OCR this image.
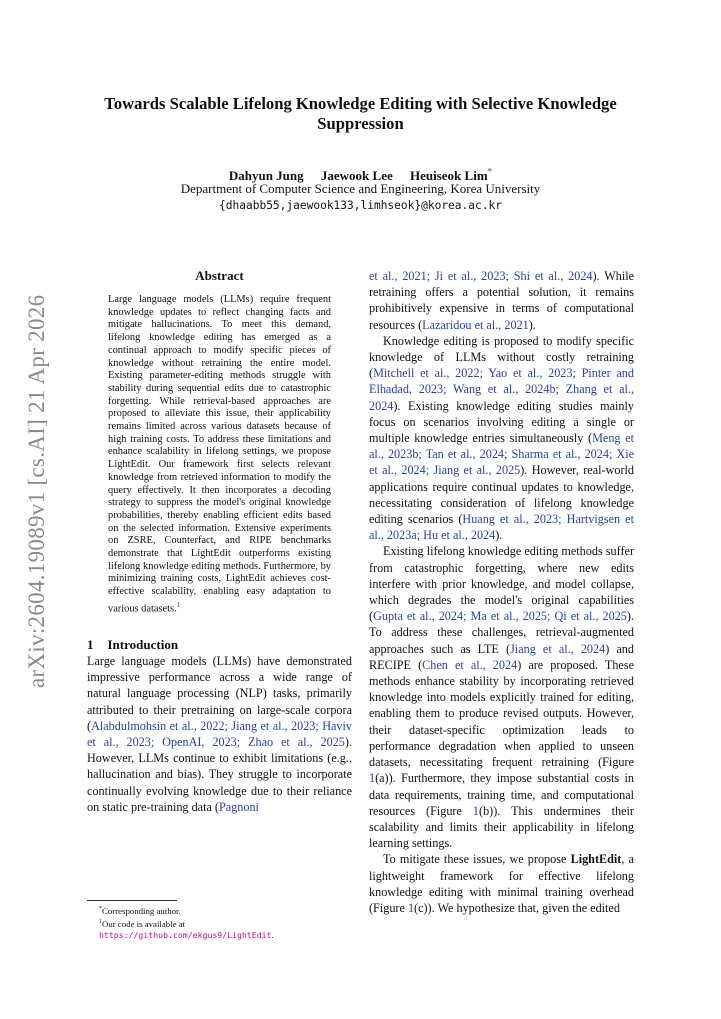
arXiv:2604.19089v1 [cs.AI] 21 Apr 2026
Towards Scalable Lifelong Knowledge Editing with Selective Knowledge Suppression
Dahyun Jung Jaewook Lee Heuiseok Lim*
Department of Computer Science and Engineering, Korea University
{dhaabb55,jaewook133,limhseok}@korea.ac.kr
Abstract

Large language models (LLMs) require frequent knowledge updates to reflect changing facts and mitigate hallucinations. To meet this demand, lifelong knowledge editing has emerged as a continual approach to modify specific pieces of knowledge without retraining the entire model. Existing parameter-editing methods struggle with stability during sequential edits due to catastrophic forgetting. While retrieval-based approaches are proposed to alleviate this issue, their applicability remains limited across various datasets because of high training costs. To address these limitations and enhance scalability in lifelong settings, we propose LightEdit. Our framework first selects relevant knowledge from retrieved information to modify the query effectively. It then incorporates a decoding strategy to suppress the model's original knowledge probabilities, thereby enabling efficient edits based on the selected information. Extensive experiments on ZSRE, Counterfact, and RIPE benchmarks demonstrate that LightEdit outperforms existing lifelong knowledge editing methods. Furthermore, by minimizing training costs, LightEdit achieves cost-effective scalability, enabling easy adaptation to various datasets.$^1$

1 Introduction

Large language models (LLMs) have demonstrated impressive performance across a wide range of natural language processing (NLP) tasks, primarily attributed to their pretraining on large-scale corpora (Alabdulmohsin et al., 2022; Jiang et al., 2023; Haviv et al., 2023; OpenAI, 2023; Zhao et al., 2025). However, LLMs continue to exhibit limitations (e.g., hallucination and bias). They struggle to incorporate continually evolving knowledge due to their reliance on static pre-training data (Pagnoni

et al., 2021; Ji et al., 2023; Shi et al., 2024). While retraining offers a potential solution, it remains prohibitively expensive in terms of computational resources (Lazaridou et al., 2021).

Knowledge editing is proposed to modify specific knowledge of LLMs without costly retraining (Mitchell et al., 2022; Yao et al., 2023; Pinter and Elhadad, 2023; Wang et al., 2024b; Zhang et al., 2024). Existing knowledge editing studies mainly focus on scenarios involving editing a single or multiple knowledge entries simultaneously (Meng et al., 2023b; Tan et al., 2024; Sharma et al., 2024; Xie et al., 2024; Jiang et al., 2025). However, real-world applications require continual updates to knowledge, necessitating consideration of lifelong knowledge editing scenarios (Huang et al., 2023; Hartvigsen et al., 2023a; Hu et al., 2024).

Existing lifelong knowledge editing methods suffer from catastrophic forgetting, where new edits interfere with prior knowledge, and model collapse, which degrades the model's original capabilities (Gupta et al., 2024; Ma et al., 2025; Qi et al., 2025). To address these challenges, retrieval-augmented approaches such as LTE (Jiang et al., 2024) and RECIPE (Chen et al., 2024) are proposed. These methods enhance stability by incorporating retrieved knowledge into models explicitly trained for editing, enabling them to produce revised outputs. However, their dataset-specific optimization leads to performance degradation when applied to unseen datasets, necessitating frequent retraining (Figure 1(a)). Furthermore, they impose substantial costs in data requirements, training time, and computational resources (Figure 1(b)). This undermines their scalability and limits their applicability in lifelong learning settings.

To mitigate these issues, we propose LightEdit, a lightweight framework for effective lifelong knowledge editing with minimal training overhead (Figure 1(c)). We hypothesize that, given the edited

*Corresponding author.

$^1$Our code is available at https://github.com/ekgus9/LightEdit.
